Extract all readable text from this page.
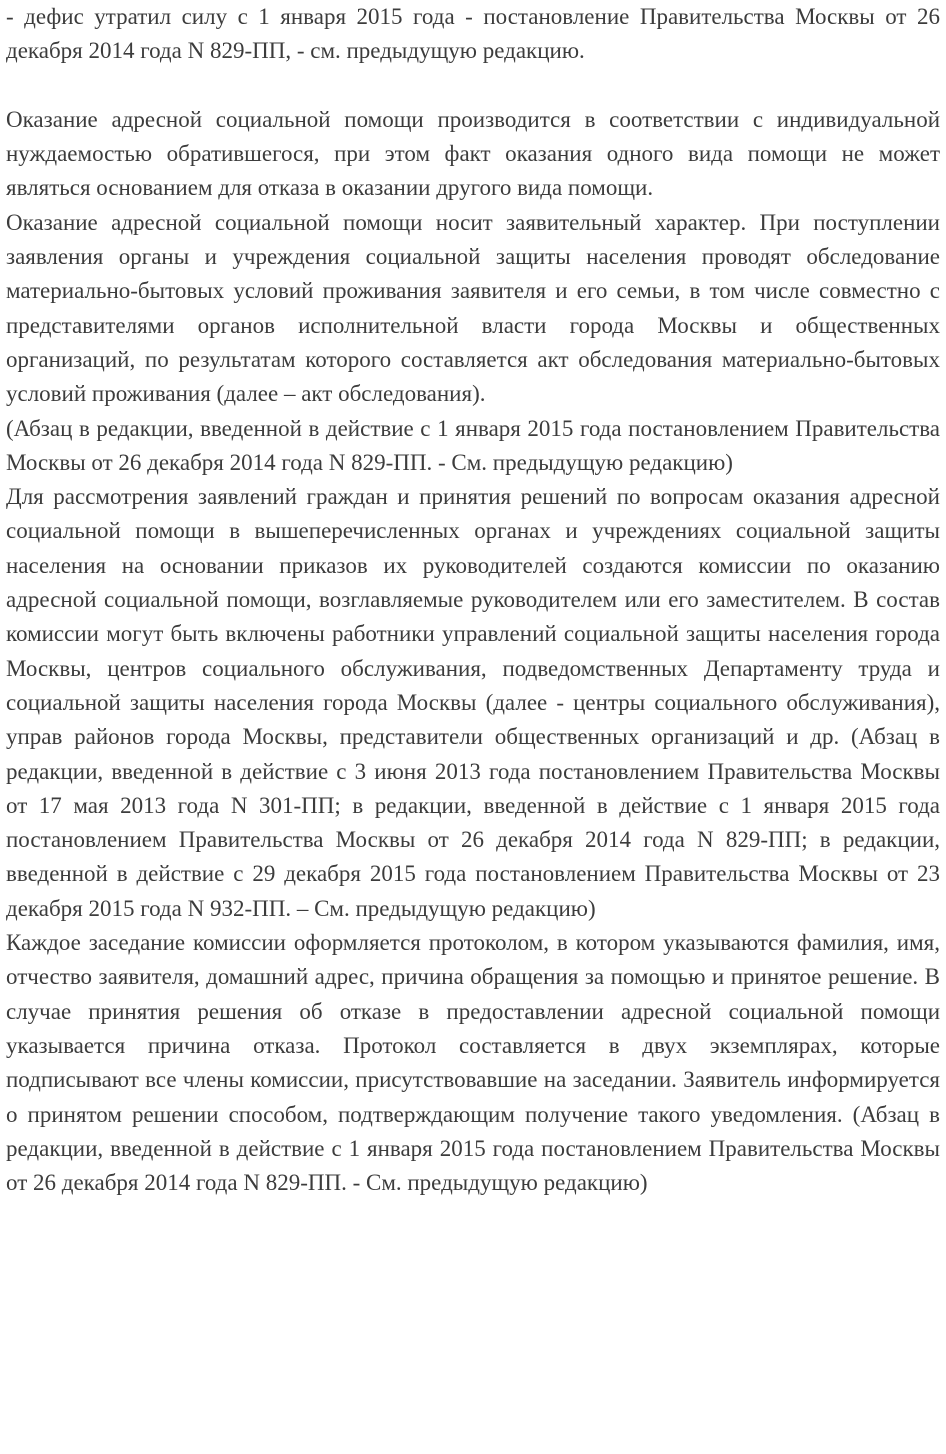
- дефис утратил силу с 1 января 2015 года - постановление Правительства Москвы от 26 декабря 2014 года N 829-ПП, - см. предыдущую редакцию.

Оказание адресной социальной помощи производится в соответствии с индивидуальной нуждаемостью обратившегося, при этом факт оказания одного вида помощи не может являться основанием для отказа в оказании другого вида помощи.

Оказание адресной социальной помощи носит заявительный характер. При поступлении заявления органы и учреждения социальной защиты населения проводят обследование материально-бытовых условий проживания заявителя и его семьи, в том числе совместно с представителями органов исполнительной власти города Москвы и общественных организаций, по результатам которого составляется акт обследования материально-бытовых условий проживания (далее – акт обследования).

(Абзац в редакции, введенной в действие с 1 января 2015 года постановлением Правительства Москвы от 26 декабря 2014 года N 829-ПП. - См. предыдущую редакцию)

Для рассмотрения заявлений граждан и принятия решений по вопросам оказания адресной социальной помощи в вышеперечисленных органах и учреждениях социальной защиты населения на основании приказов их руководителей создаются комиссии по оказанию адресной социальной помощи, возглавляемые руководителем или его заместителем. В состав комиссии могут быть включены работники управлений социальной защиты населения города Москвы, центров социального обслуживания, подведомственных Департаменту труда и социальной защиты населения города Москвы (далее - центры социального обслуживания), управ районов города Москвы, представители общественных организаций и др. (Абзац в редакции, введенной в действие с 3 июня 2013 года постановлением Правительства Москвы от 17 мая 2013 года N 301-ПП; в редакции, введенной в действие с 1 января 2015 года постановлением Правительства Москвы от 26 декабря 2014 года N 829-ПП; в редакции, введенной в действие с 29 декабря 2015 года постановлением Правительства Москвы от 23 декабря 2015 года N 932-ПП. – См. предыдущую редакцию)

Каждое заседание комиссии оформляется протоколом, в котором указываются фамилия, имя, отчество заявителя, домашний адрес, причина обращения за помощью и принятое решение. В случае принятия решения об отказе в предоставлении адресной социальной помощи указывается причина отказа. Протокол составляется в двух экземплярах, которые подписывают все члены комиссии, присутствовавшие на заседании. Заявитель информируется о принятом решении способом, подтверждающим получение такого уведомления. (Абзац в редакции, введенной в действие с 1 января 2015 года постановлением Правительства Москвы от 26 декабря 2014 года N 829-ПП. - См. предыдущую редакцию)
